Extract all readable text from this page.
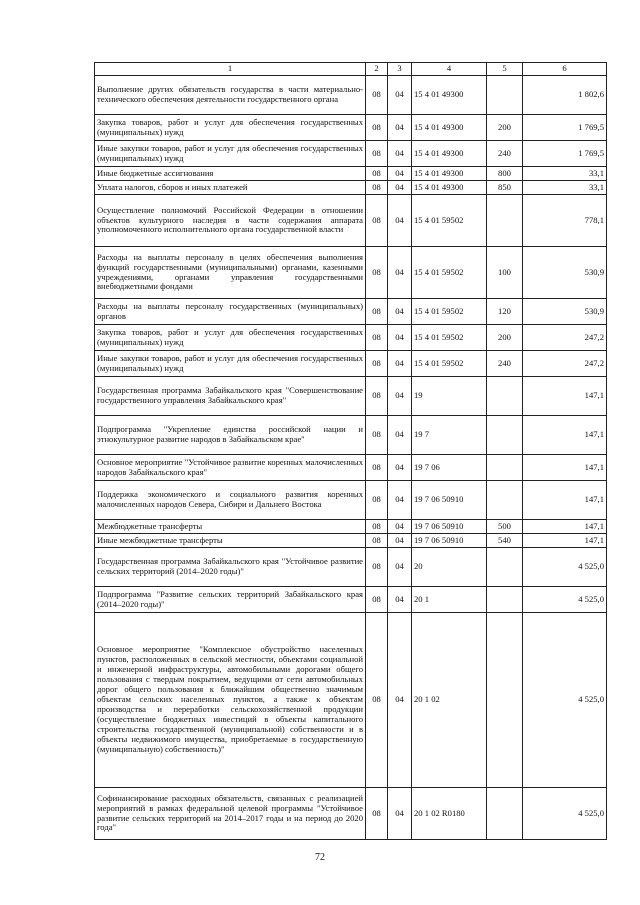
1	2	3	4	5	6
Выполнение других обязательств государства в части материально-технического обеспечения деятельности государственного органа	08	04	15 4 01 49300		1 802,6
Закупка товаров, работ и услуг для обеспечения государственных (муниципальных) нужд	08	04	15 4 01 49300	200	1 769,5
Иные закупки товаров, работ и услуг для обеспечения государственных (муниципальных) нужд	08	04	15 4 01 49300	240	1 769,5
Иные бюджетные ассигнования	08	04	15 4 01 49300	800	33,1
Уплата налогов, сборов и иных платежей	08	04	15 4 01 49300	850	33,1
Осуществление полномочий Российской Федерации в отношении объектов культурного наследия в части содержания аппарата уполномоченного исполнительного органа государственной власти	08	04	15 4 01 59502		778,1
Расходы на выплаты персоналу в целях обеспечения выполнения функций государственными (муниципальными) органами, казенными учреждениями, органами управления государственными внебюджетными фондами	08	04	15 4 01 59502	100	530,9
Расходы на выплаты персоналу государственных (муниципальных) органов	08	04	15 4 01 59502	120	530,9
Закупка товаров, работ и услуг для обеспечения государственных (муниципальных) нужд	08	04	15 4 01 59502	200	247,2
Иные закупки товаров, работ и услуг для обеспечения государственных (муниципальных) нужд	08	04	15 4 01 59502	240	247,2
Государственная программа Забайкальского края "Совершенствование государственного управления Забайкальского края"	08	04	19		147,1
Подпрограмма "Укрепление единства российской нации и этнокультурное развитие народов в Забайкальском крае"	08	04	19 7		147,1
Основное мероприятие "Устойчивое развитие коренных малочисленных народов Забайкальского края"	08	04	19 7 06		147,1
Поддержка экономического и социального развития коренных малочисленных народов Севера, Сибири и Дальнего Востока	08	04	19 7 06 50910		147,1
Межбюджетные трансферты	08	04	19 7 06 50910	500	147,1
Иные межбюджетные трансферты	08	04	19 7 06 50910	540	147,1
Государственная программа Забайкальского края "Устойчивое развитие сельских территорий (2014–2020 годы)"	08	04	20		4 525,0
Подпрограмма "Развитие сельских территорий Забайкальского края (2014–2020 годы)"	08	04	20 1		4 525,0
Основное мероприятие "Комплексное обустройство населенных пунктов, расположенных в сельской местности, объектами социальной и инженерной инфраструктуры, автомобильными дорогами общего пользования с твердым покрытием, ведущими от сети автомобильных дорог общего пользования к ближайшим общественно значимым объектам сельских населенных пунктов, а также к объектам производства и переработки сельскохозяйственной продукции (осуществление бюджетных инвестиций в объекты капитального строительства государственной (муниципальной) собственности и в объекты недвижимого имущества, приобретаемые в государственную (муниципальную) собственность)"	08	04	20 1 02		4 525,0
Софинансирование расходных обязательств, связанных с реализацией мероприятий в рамках федеральной целевой программы "Устойчивое развитие сельских территорий на 2014–2017 годы и на период до 2020 года"	08	04	20 1 02 R0180		4 525,0
72
